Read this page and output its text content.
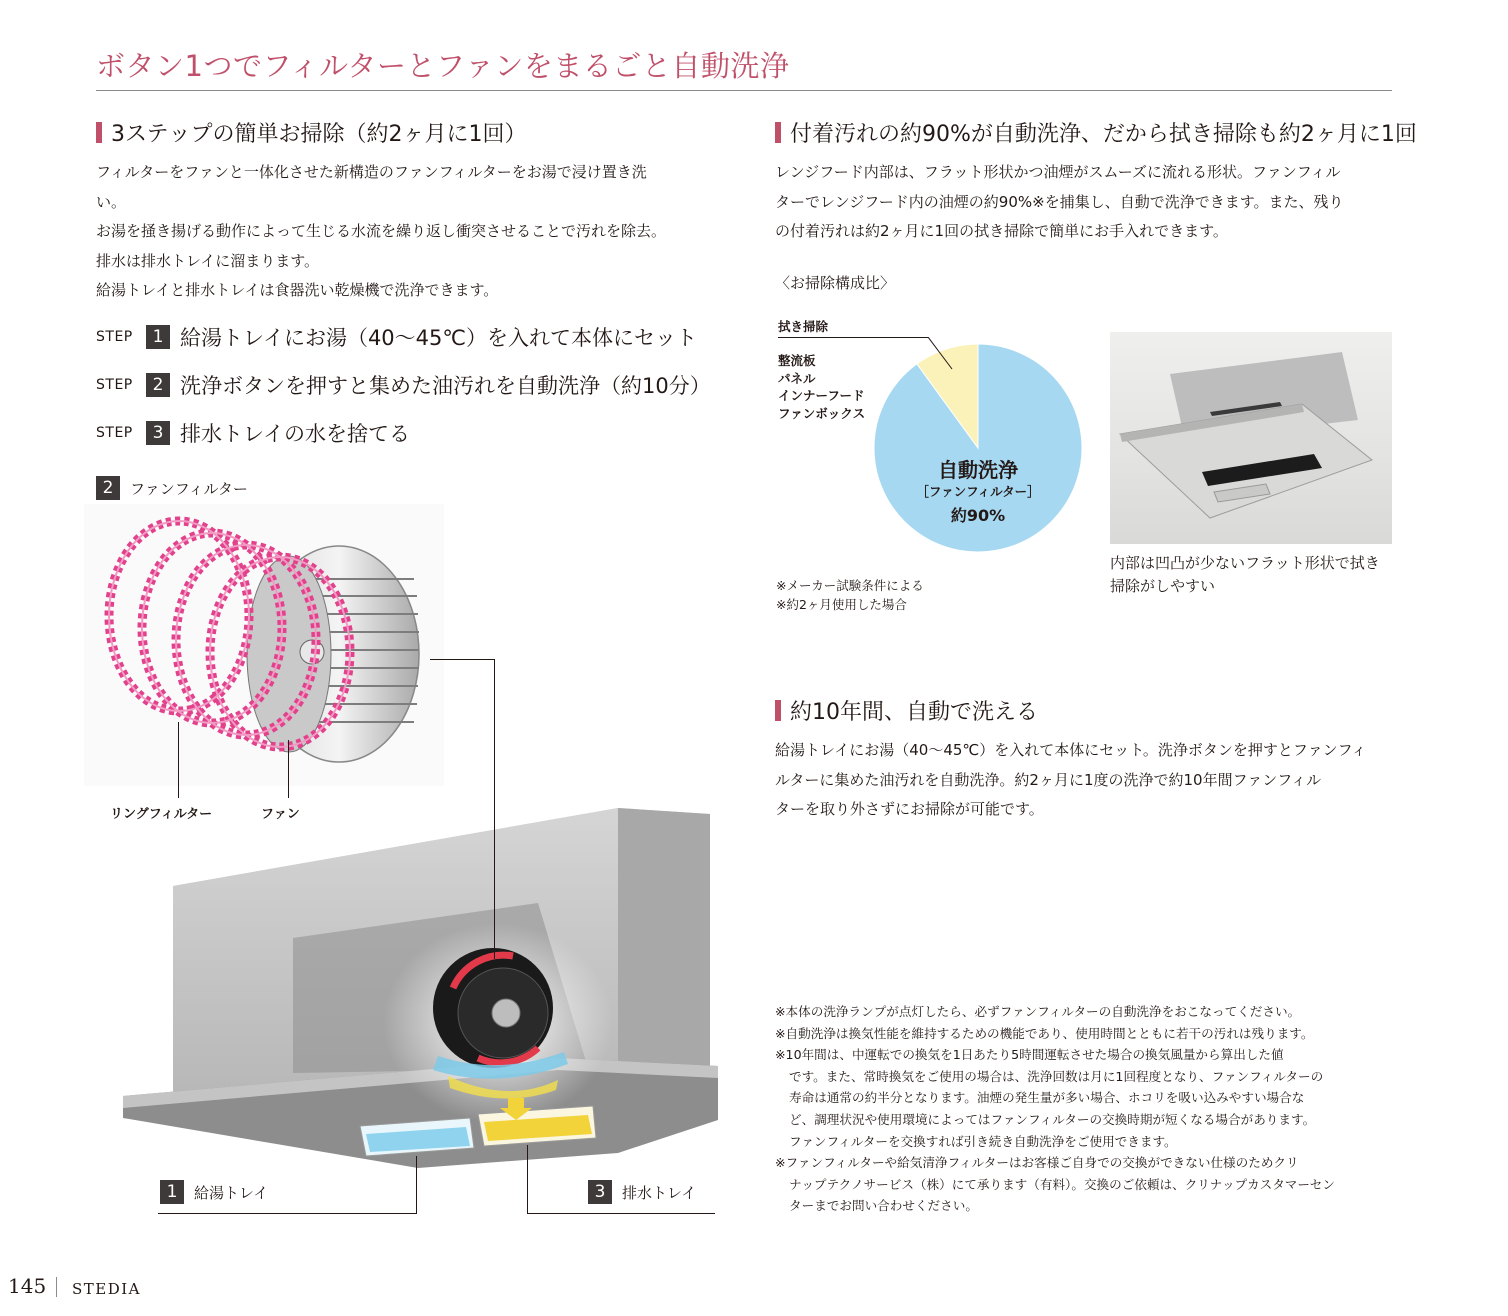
ボタン1つでフィルターとファンをまるごと自動洗浄
3ステップの簡単お掃除（約2ヶ月に1回）
フィルターをファンと一体化させた新構造のファンフィルターをお湯で浸け置き洗
い。
お湯を掻き揚げる動作によって生じる水流を繰り返し衝突させることで汚れを除去。
排水は排水トレイに溜まります。
給湯トレイと排水トレイは食器洗い乾燥機で洗浄できます。
STEP	1 給湯トレイにお湯（40〜45℃）を入れて本体にセット
STEP	2 洗浄ボタンを押すと集めた油汚れを自動洗浄（約10分）
STEP	3 排水トレイの水を捨てる
2	ファンフィルター
リングフィルター	ファン
1	給湯トレイ	3	排水トレイ
付着汚れの約90%が自動洗浄、だから拭き掃除も約2ヶ月に1回
レンジフード内部は、フラット形状かつ油煙がスムーズに流れる形状。ファンフィル
ターでレンジフード内の油煙の約90%※を捕集し、自動で洗浄できます。また、残り
の付着汚れは約2ヶ月に1回の拭き掃除で簡単にお手入れできます。
〈お掃除構成比〉
拭き掃除
整流板
パネル
インナーフード
ファンボックス
自動洗浄
［ファンフィルター］
約90%
※メーカー試験条件による
※約2ヶ月使用した場合
内部は凹凸が少ないフラット形状で拭き
掃除がしやすい
約10年間、自動で洗える
給湯トレイにお湯（40〜45℃）を入れて本体にセット。洗浄ボタンを押すとファンフィ
ルターに集めた油汚れを自動洗浄。約2ヶ月に1度の洗浄で約10年間ファンフィル
ターを取り外さずにお掃除が可能です。
※本体の洗浄ランプが点灯したら、必ずファンフィルターの自動洗浄をおこなってください。
※自動洗浄は換気性能を維持するための機能であり、使用時間とともに若干の汚れは残ります。
※10年間は、中運転での換気を1日あたり5時間運転させた場合の換気風量から算出した値
です。また、常時換気をご使用の場合は、洗浄回数は月に1回程度となり、ファンフィルターの
寿命は通常の約半分となります。油煙の発生量が多い場合、ホコリを吸い込みやすい場合な
ど、調理状況や使用環境によってはファンフィルターの交換時期が短くなる場合があります。
ファンフィルターを交換すれば引き続き自動洗浄をご使用できます。
※ファンフィルターや給気清浄フィルターはお客様ご自身での交換ができない仕様のためクリ
ナップテクノサービス（株）にて承ります（有料）。交換のご依頼は、クリナップカスタマーセン
ターまでお問い合わせください。
145 STEDIA
